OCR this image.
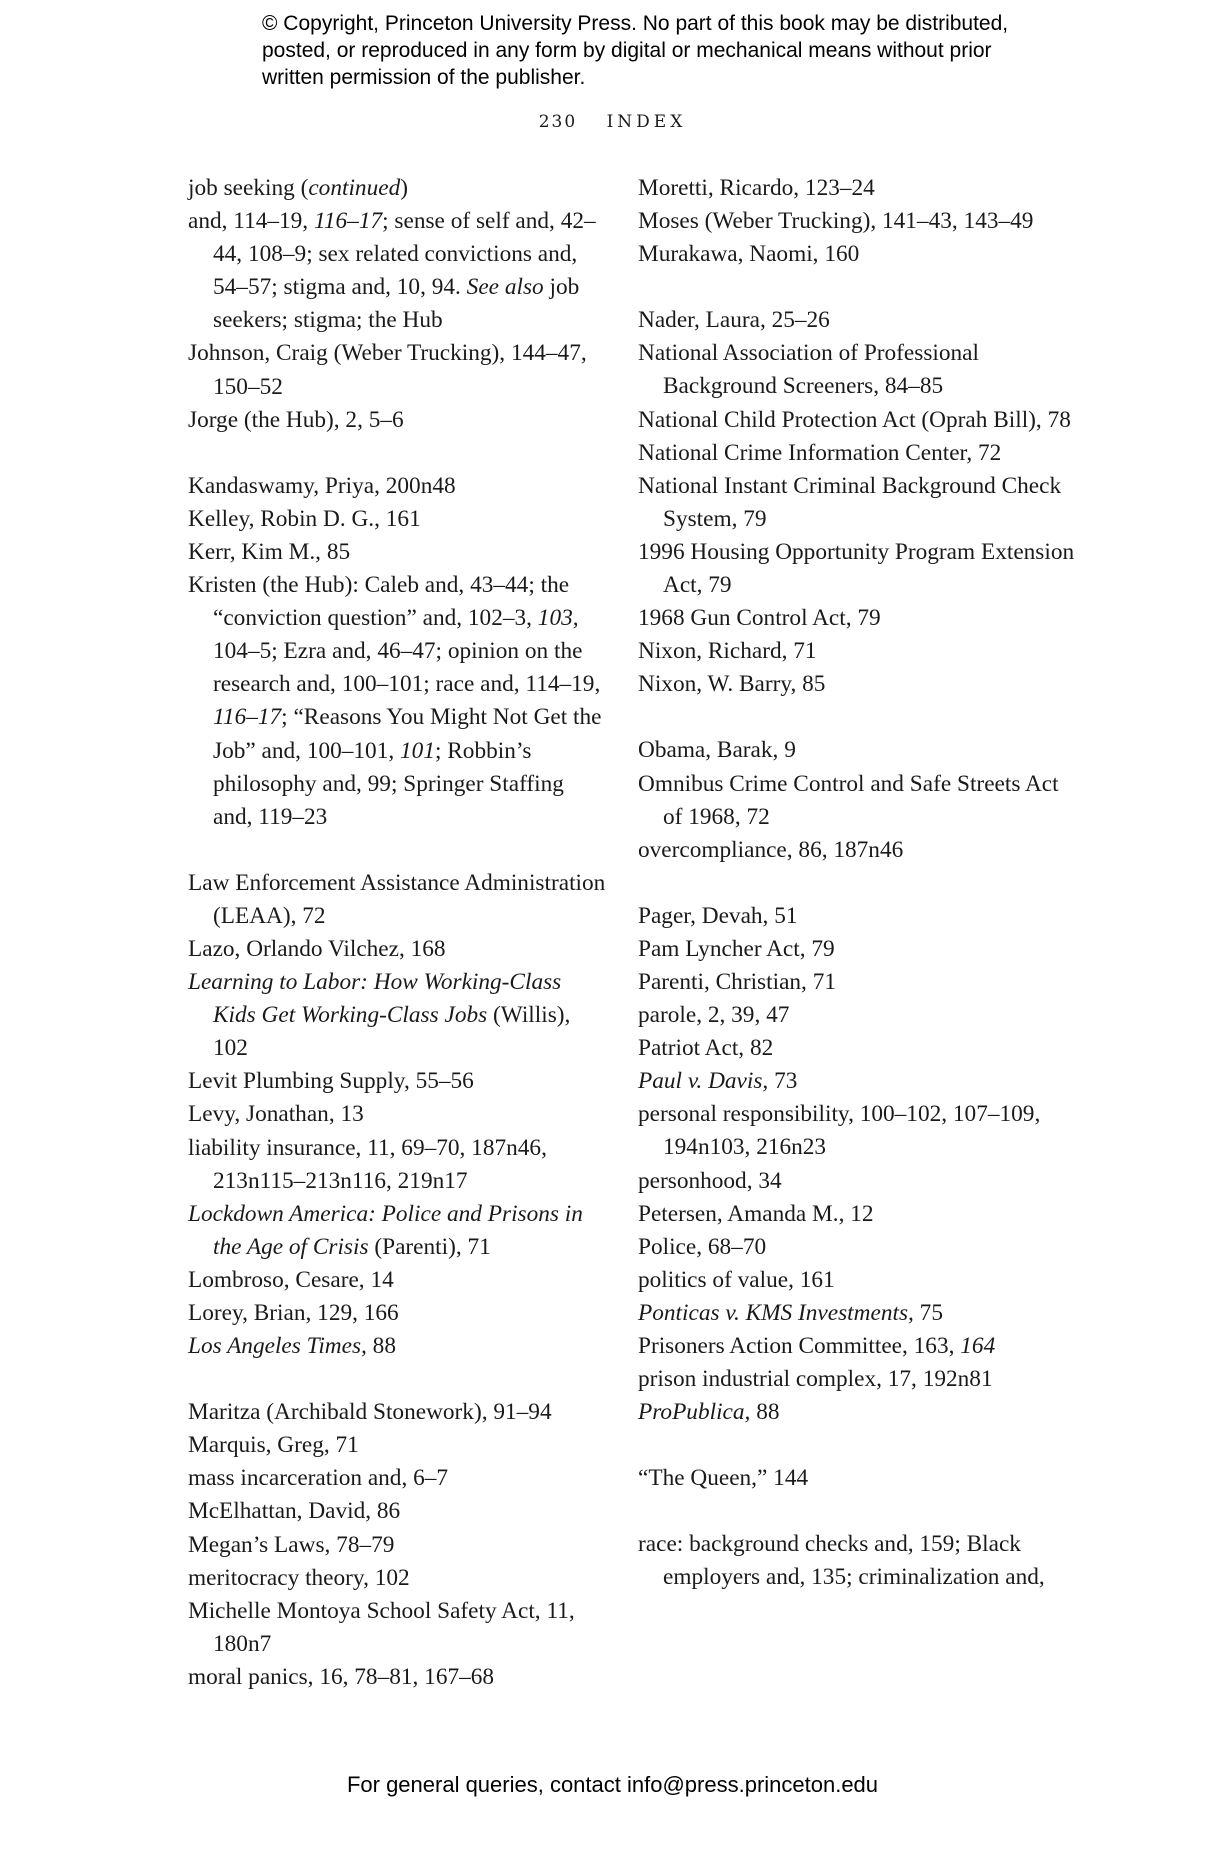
© Copyright, Princeton University Press. No part of this book may be distributed, posted, or reproduced in any form by digital or mechanical means without prior written permission of the publisher.
230 INDEX
job seeking (continued)
and, 114–19, 116–17; sense of self and, 42–44, 108–9; sex related convictions and, 54–57; stigma and, 10, 94. See also job seekers; stigma; the Hub
Johnson, Craig (Weber Trucking), 144–47, 150–52
Jorge (the Hub), 2, 5–6
Kandaswamy, Priya, 200n48
Kelley, Robin D. G., 161
Kerr, Kim M., 85
Kristen (the Hub): Caleb and, 43–44; the “conviction question” and, 102–3, 103, 104–5; Ezra and, 46–47; opinion on the research and, 100–101; race and, 114–19, 116–17; “Reasons You Might Not Get the Job” and, 100–101, 101; Robbin’s philosophy and, 99; Springer Staffing and, 119–23
Law Enforcement Assistance Administration (LEAA), 72
Lazo, Orlando Vilchez, 168
Learning to Labor: How Working-Class Kids Get Working-Class Jobs (Willis), 102
Levit Plumbing Supply, 55–56
Levy, Jonathan, 13
liability insurance, 11, 69–70, 187n46, 213n115–213n116, 219n17
Lockdown America: Police and Prisons in the Age of Crisis (Parenti), 71
Lombroso, Cesare, 14
Lorey, Brian, 129, 166
Los Angeles Times, 88
Maritza (Archibald Stonework), 91–94
Marquis, Greg, 71
mass incarceration and, 6–7
McElhattan, David, 86
Megan’s Laws, 78–79
meritocracy theory, 102
Michelle Montoya School Safety Act, 11, 180n7
moral panics, 16, 78–81, 167–68
Moretti, Ricardo, 123–24
Moses (Weber Trucking), 141–43, 143–49
Murakawa, Naomi, 160
Nader, Laura, 25–26
National Association of Professional Background Screeners, 84–85
National Child Protection Act (Oprah Bill), 78
National Crime Information Center, 72
National Instant Criminal Background Check System, 79
1996 Housing Opportunity Program Extension Act, 79
1968 Gun Control Act, 79
Nixon, Richard, 71
Nixon, W. Barry, 85
Obama, Barak, 9
Omnibus Crime Control and Safe Streets Act of 1968, 72
overcompliance, 86, 187n46
Pager, Devah, 51
Pam Lyncher Act, 79
Parenti, Christian, 71
parole, 2, 39, 47
Patriot Act, 82
Paul v. Davis, 73
personal responsibility, 100–102, 107–109, 194n103, 216n23
personhood, 34
Petersen, Amanda M., 12
Police, 68–70
politics of value, 161
Ponticas v. KMS Investments, 75
Prisoners Action Committee, 163, 164
prison industrial complex, 17, 192n81
ProPublica, 88
“The Queen,” 144
race: background checks and, 159; Black employers and, 135; criminalization and,
For general queries, contact info@press.princeton.edu
